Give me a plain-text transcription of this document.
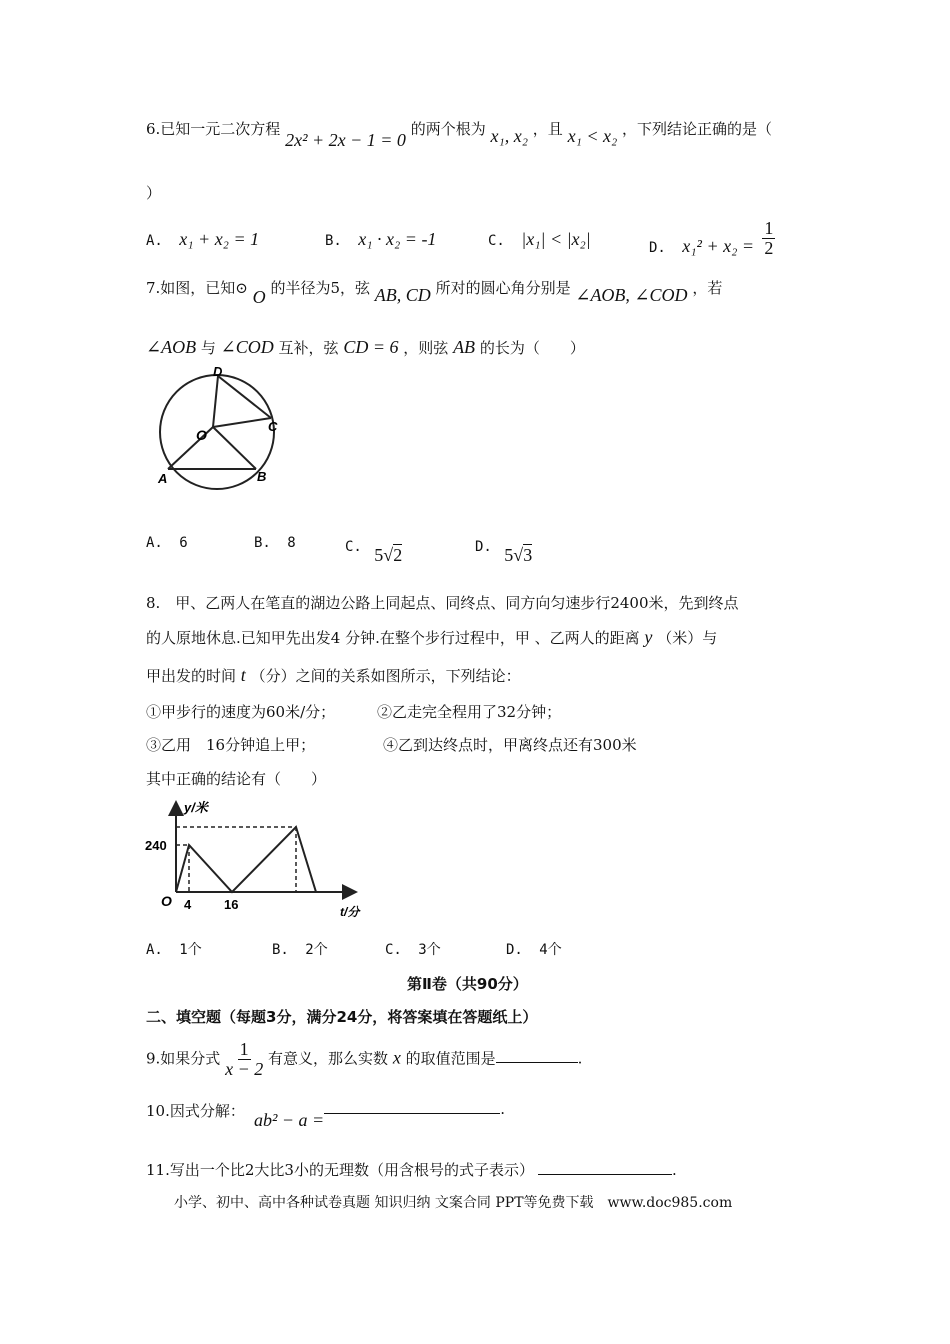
6.已知一元二次方程 2x² + 2x − 1 = 0 的两个根为 x₁, x₂ ，且 x₁ < x₂ ，下列结论正确的是（
）
A. x₁ + x₂ = 1	B. x₁ · x₂ = -1	C. |x₁| < |x₂|	D. $x_1^2 + x_2 = \frac{1}{2}$
7.如图，已知⊙ O 的半径为5，弦 AB, CD 所对的圆心角分别是 ∠AOB, ∠COD ，若
∠AOB 与 ∠COD 互补，弦 CD = 6 ，则弦 AB 的长为（　　）
D
O
C
A	B
A. 6	B. 8	C. 5√2	D. 5√3
8.　甲、乙两人在笔直的湖边公路上同起点、同终点、同方向匀速步行2400米，先到终点
的人原地休息.已知甲先出发4 分钟.在整个步行过程中，甲 、乙两人的距离 y （米）与
甲出发的时间 t （分）之间的关系如图所示，下列结论：
①甲步行的速度为60米/分；	②乙走完全程用了32分钟；
③乙用　16分钟追上甲；	④乙到达终点时，甲离终点还有300米
其中正确的结论有（　　）
y/米
240
O 4	16	t/分
A. 1个	B. 2个	C. 3个	D. 4个
第Ⅱ卷（共90分）
二、填空题（每题3分，满分24分，将答案填在答题纸上）
9.如果分式 $\frac{1}{x - 2}$ 有意义，那么实数 x 的取值范围是	.
10.因式分解： ab² − a =.
11.写出一个比2大比3小的无理数（用含根号的式子表示）	.
小学、初中、高中各种试卷真题 知识归纳 文案合同 PPT等免费下载　www.doc985.com
